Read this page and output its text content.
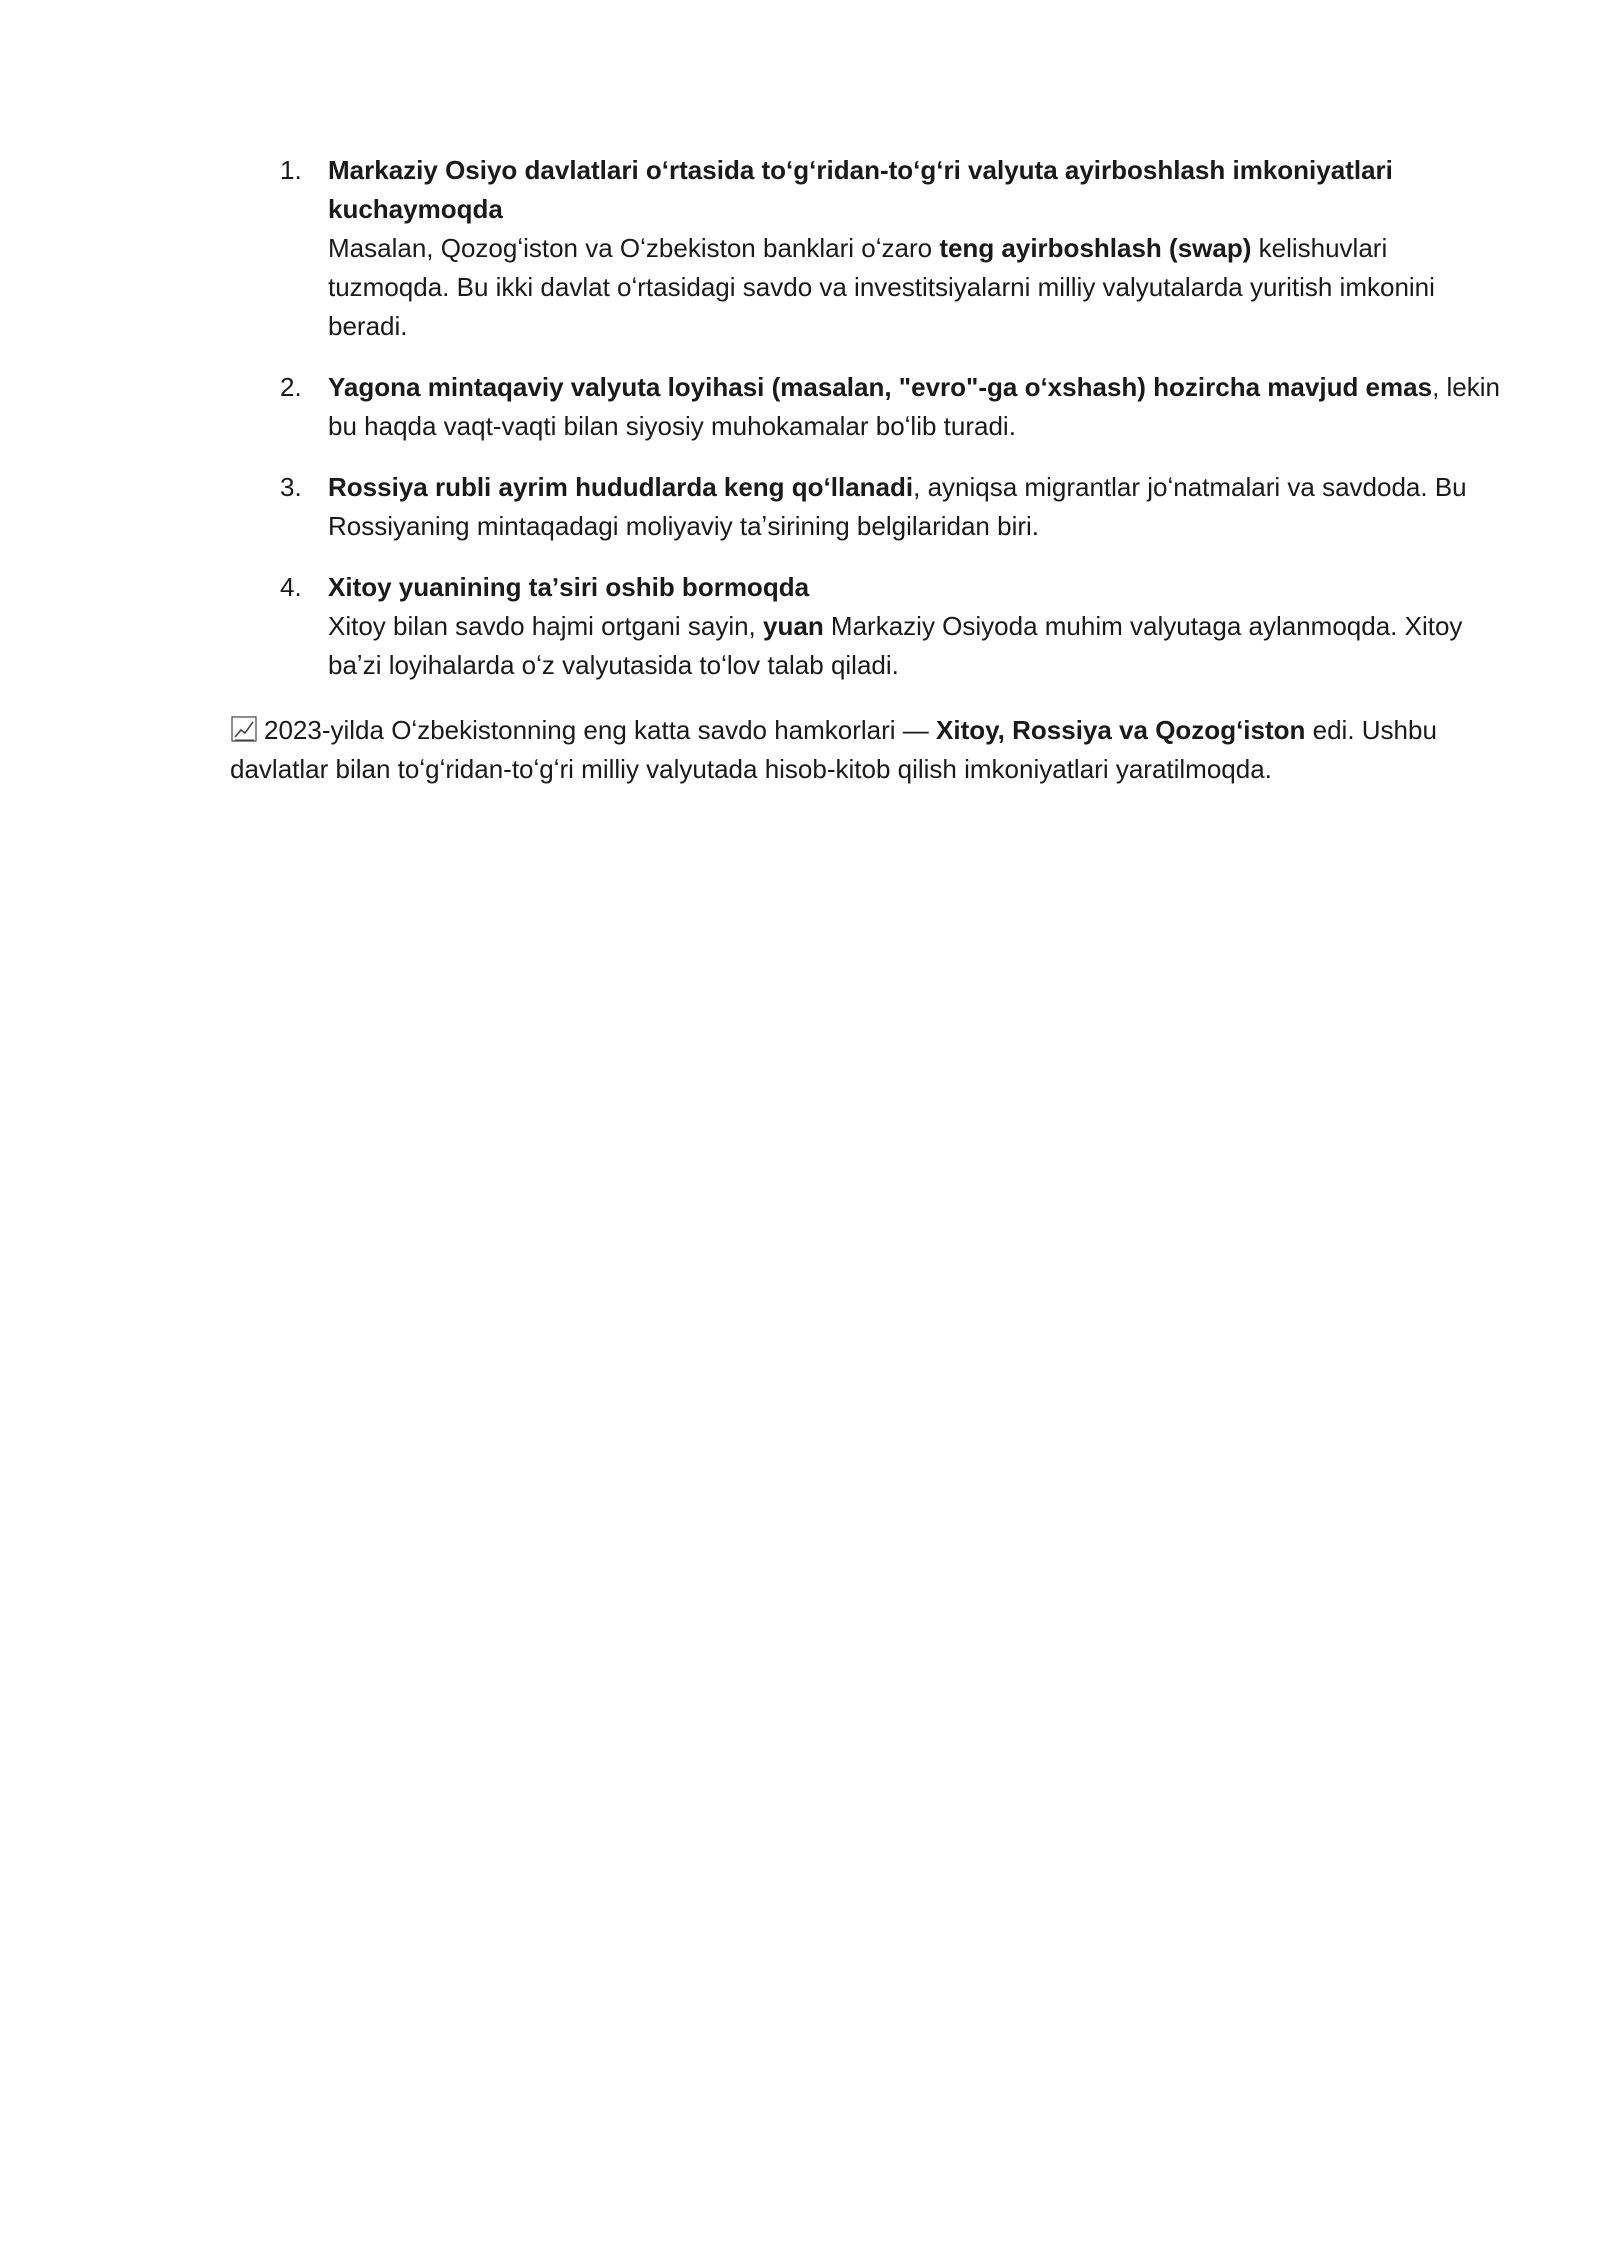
1.	Markaziy Osiyo davlatlari oʻrtasida toʻgʻridan-toʻgʻri valyuta ayirboshlash imkoniyatlari kuchaymoqda
Masalan, Qozogʻiston va Oʻzbekiston banklari oʻzaro teng ayirboshlash (swap) kelishuvlari tuzmoqda. Bu ikki davlat oʻrtasidagi savdo va investitsiyalarni milliy valyutalarda yuritish imkonini beradi.
2.	Yagona mintaqaviy valyuta loyihasi (masalan, "evro"-ga oʻxshash) hozircha mavjud emas, lekin bu haqda vaqt-vaqti bilan siyosiy muhokamalar boʻlib turadi.
3.	Rossiya rubli ayrim hududlarda keng qoʻllanadi, ayniqsa migrantlar joʻnatmalari va savdoda. Bu Rossiyaning mintaqadagi moliyaviy taʼsirining belgilaridan biri.
4.	Xitoy yuanining taʼsiri oshib bormoqda
Xitoy bilan savdo hajmi ortgani sayin, yuan Markaziy Osiyoda muhim valyutaga aylanmoqda. Xitoy baʼzi loyihalarda oʻz valyutasida toʻlov talab qiladi.

2023-yilda Oʻzbekistonning eng katta savdo hamkorlari — Xitoy, Rossiya va Qozogʻiston edi. Ushbu davlatlar bilan toʻgʻridan-toʻgʻri milliy valyutada hisob-kitob qilish imkoniyatlari yaratilmoqda.
